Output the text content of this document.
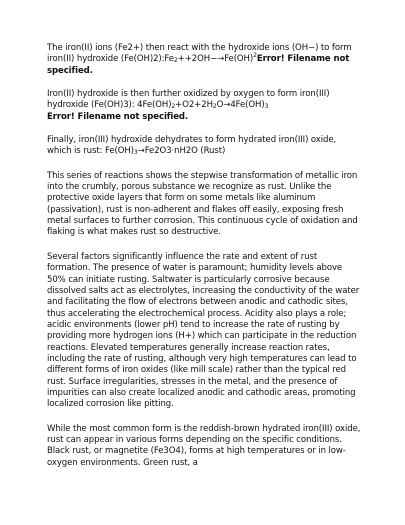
The iron(II) ions (Fe2+) then react with the hydroxide ions (OH−) to form iron(II) hydroxide $(Fe(OH)2):Fe_2++2OH-\to Fe(OH)^2Error$! Filename not specified.

Iron(II) hydroxide is then further oxidized by oxygen to form iron(III) hydroxide (Fe(OH)3): $4Fe(OH)_2+O2+2H_2O\to 4Fe(OH)_3$
Error! Filename not specified.

Finally, iron(III) hydroxide dehydrates to form hydrated iron(III) oxide, which is rust: $Fe(OH)_3\to Fe2O3\cdot nH2O$ (Rust)

This series of reactions shows the stepwise transformation of metallic iron into the crumbly, porous substance we recognize as rust. Unlike the protective oxide layers that form on some metals like aluminum (passivation), rust is non-adherent and flakes off easily, exposing fresh metal surfaces to further corrosion. This continuous cycle of oxidation and flaking is what makes rust so destructive.

Several factors significantly influence the rate and extent of rust formation. The presence of water is paramount; humidity levels above 50% can initiate rusting. Saltwater is particularly corrosive because dissolved salts act as electrolytes, increasing the conductivity of the water and facilitating the flow of electrons between anodic and cathodic sites, thus accelerating the electrochemical process. Acidity also plays a role; acidic environments (lower pH) tend to increase the rate of rusting by providing more hydrogen ions (H+) which can participate in the reduction reactions. Elevated temperatures generally increase reaction rates, including the rate of rusting, although very high temperatures can lead to different forms of iron oxides (like mill scale) rather than the typical red rust. Surface irregularities, stresses in the metal, and the presence of impurities can also create localized anodic and cathodic areas, promoting localized corrosion like pitting.

While the most common form is the reddish-brown hydrated iron(III) oxide, rust can appear in various forms depending on the specific conditions. Black rust, or magnetite (Fe3O4), forms at high temperatures or in low-oxygen environments. Green rust, a
